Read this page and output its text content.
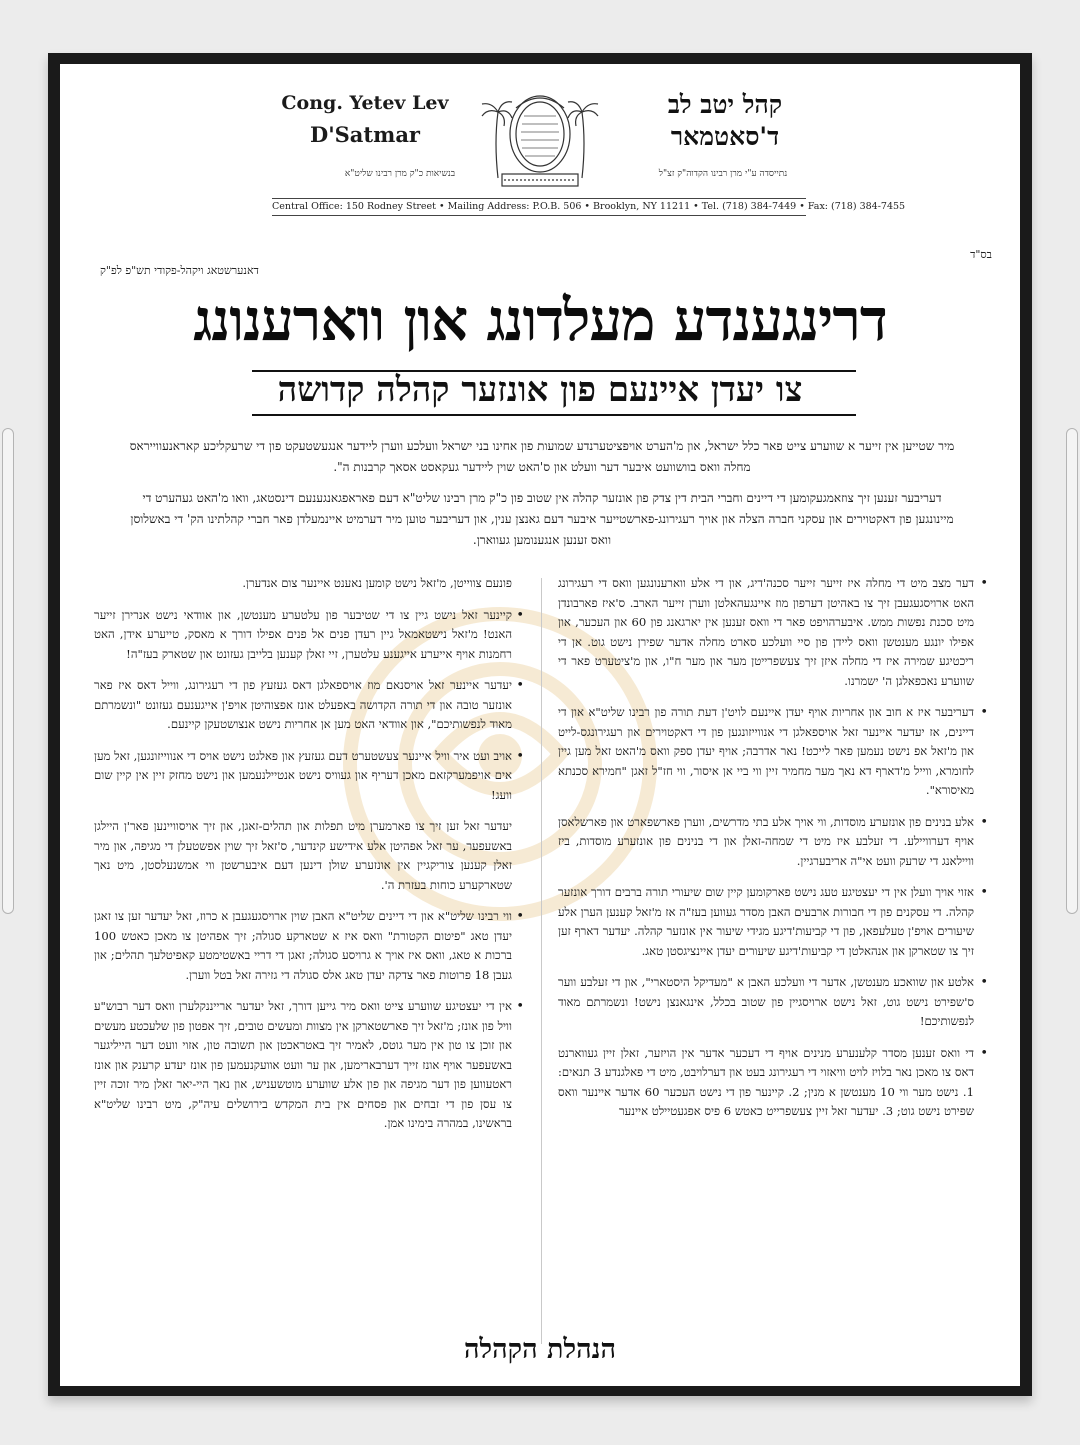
Cong. Yetev Lev
D'Satmar
קהל יטב לב
ד'סאטמאר
בנשיאות כ"ק מרן רבינו שליט"א	נתייסדה ע"י מרן רבינו הקדוה"ק זצ"ל
Central Office: 150 Rodney Street • Mailing Address: P.O.B. 506 • Brooklyn, NY 11211 • Tel. (718) 384-7449 • Fax: (718) 384-7455
בס"ד
דאנערשטאג ויקהל-פקודי תש"פ לפ"ק
דרינגענדע מעלדונג און ווארענונג
צו יעדן איינעם פון אונזער קהלה קדושה
מיר שטייען אין זייער א שווערע צייט פאר כלל ישראל, און מ'הערט אויפציטערנדע שמועות פון אחינו בני ישראל וועלכע ווערן ליידער אנגעשטעקט פון די שרעקליכע קאראנעווייראס מחלה וואס בוושוועט איבער דער וועלט און ס'האט שוין ליידער געקאסט אסאך קרבנות ה".
דעריבער זענען זיך צוזאמגעקומען די דיינים וחברי הבית דין צדק פון אונזער קהלה אין שטוב פון כ"ק מרן רבינו שליט"א דעם פאראפגאנגענעם דינסטאג, וואו מ'האט געהערט די מיינונגען פון דאקטוירים און עסקני חברה הצלה און אויך רעגירונג-פארשטייער איבער דעם גאנצן ענין, און דעריבער טוען מיר דערמיט איינמעלדן פאר חברי קהלתינו הק' די באשלוסן וואס זענען אנגענומען געווארן.

• דער מצב מיט די מחלה איז זייער זייער סכנה'דיג, און די אלע ווארענונגען וואס די רעגירונג האט ארויסגעגעבן זיך צו באהיטן דערפון מוז איינגעהאלטן ווערן זייער הארב. ס'איז פארבונדן מיט סכנת נפשות ממש. איבערהויפט פאר די וואס זענען אין יארגאנג פון 60 און העכער, און אפילו יונגע מענטשן וואס ליידן פון סיי וועלכע סארט מחלה אדער שפירן נישט גוט. אן די ריכטיגע שמירה איז די מחלה איזן זיך צעשפרייטן מער און מער ח"ו, און מ'ציטערט פאר די שווערע נאכפאלגן ה' ישמרנו.

• דעריבער איז א חוב און אחריות אויף יעדן איינעם לויט'ן דעת תורה פון רבינו שליט"א און די דיינים, אז יעדער איינער זאל אויספאלגן די אנווייזונגען פון די דאקטוירים און רעגירונגס-לייט און מ'זאל אפ נישט נעמען פאר לייכט! נאר אדרבה; אויף יעדן ספק וואס מ'האט זאל מען גיין לחומרא, ווייל מ'דארף דא נאך מער מחמיר זיין ווי ביי אן איסור, ווי חז"ל זאגן "חמירא סכנתא מאיסורא".

• אלע בנינים פון אונזערע מוסדות, ווי אויך אלע בתי מדרשים, ווערן פארשפארט און פארשלאסן אויף דערוויילע. די זעלבע איז מיט די שמחה-זאלן און די בנינים פון אונזערע מוסדות, ביז וויילאנג די שרעק וועט אי"ה אריבערגיין.

• אזוי אויך וועלן אין די יעצטיגע טעג נישט פארקומען קיין שום שיעורי תורה ברבים דורך אונזער קהלה. די עסקנים פון די חבורות ארבעים האבן מסדר געווען בעז"ה אז מ'זאל קענען הערן אלע שיעורים אויפ'ן טעלעפאן, פון די קביעות'דיגע מגידי שיעור אין אונזער קהלה. יעדער דארף זען זיך צו שטארקן און אנהאלטן די קביעות'דיגע שיעורים יעדן איינציגסטן טאג.

• אלטע און שוואכע מענטשן, אדער די וועלכע האבן א "מעדיקל היסטארי", און די זעלבע ווער ס'שפירט נישט גוט, זאל נישט ארויסגיין פון שטוב בכלל, אינגאנצן נישט! ונשמרתם מאוד לנפשותיכם!

• די וואס זענען מסדר קלענערע מנינים אויף די דעכער אדער אין הויזער, זאלן זיין געווארנט דאס צו מאכן נאר בלויז לויט וויאזוי די רעגירונג בעט און דערלויבט, מיט די פאלגנדע 3 תנאים: 1. נישט מער ווי 10 מענטשן א מנין; 2. קיינער פון די נישט העכער 60 אדער איינער וואס שפירט נישט גוט; 3. יעדער זאל זיין צעשפרייט כאטש 6 פיס אפגעטיילט איינער

פונעם צווייטן, מ'זאל נישט קומען נאענט איינער צום אנדערן.

• קיינער זאל נישט גיין צו די שטיבער פון עלטערע מענטשן, און אוודאי נישט אנרירן זייער האנט! מ'זאל נישטאמאל גיין רעדן פנים אל פנים אפילו דורך א מאסק, טייערע אידן, האט רחמנות אויף אייערע אייגענע עלטערן, זיי זאלן קענען בלייבן געזונט און שטארק בעז"ה!

• יעדער איינער זאל אויסנאם מוז אויספאלגן דאס געזעץ פון די רעגירונג, ווייל דאס איז פאר אונזער טובה און די תורה הקדושה באפעלט אונז אפצוהיטן אויפ'ן אייגענעם געזונט "ונשמרתם מאוד לנפשותיכם", און אוודאי האט מען אן אחריות נישט אנצושטעקן קיינעם.

• אויב ועט איר וויל איינער צעשטערט דעם געזעץ און פאלגט נישט אויס די אנווייזונגען, זאל מען אים אויפמערקזאם מאכן דעריף און געוויס נישט אנטיילנעמען און נישט מחזק זיין אין קיין שום וועג!

יעדער זאל זען זיך צו פארמערן מיט תפלות און תהלים-זאגן, און זיך אויסוויינען פאר'ן היילגן באשעפער, ער זאל אפהיטן אלע אידישע קינדער, ס'זאל זיך שוין אפשטעלן די מגיפה, און מיר זאלן קענען צוריקגיין אין אונזערע שולן דינען דעם איבערשטן ווי אמשנעלסטן, מיט נאך שטארקערע כוחות בעזרת ה'.

• ווי רבינו שליט"א און די דיינים שליט"א האבן שוין ארויסגעגעבן א כרוז, זאל יעדער זען צו זאגן יעדן טאג "פיטום הקטורת" וואס איז א שטארקע סגולה; זיך אפהיטן צו מאכן כאטש 100 ברכות א טאג, וואס איז אויך א גרויסע סגולה; זאגן די דריי באשטימטע קאפיטלעך תהלים; און געבן 18 פרוטות פאר צדקה יעדן טאג אלס סגולה די גזירה זאל בטל ווערן.

• אין די יעצטיגע שווערע צייט וואס מיר גייען דורך, זאל יעדער ארייננקלערן וואס דער רבוש"ע וויל פון אונז; מ'זאל זיך פארשטארקן אין מצוות ומעשים טובים, זיך אפטון פון שלעכטע מעשים און זוכן צו טון אין מער גוטס, לאמיר זיך באטראכטן און תשובה טון, אזוי וועט דער הייליגער באשעפער אויף אונז זייך דערבארימען, און ער וועט אוועקנעמען פון אונז יעדע קרענק און אונז ראטעווען פון דער מגיפה און פון אלע שווערע מוטשעניש, און נאך היי-יאר זאלן מיר זוכה זיין צו עסן פון די זבחים און פסחים אין בית המקדש בירושלים עיה"ק, מיט רבינו שליט"א בראשינו, במהרה בימינו אמן.

הנהלת הקהלה
